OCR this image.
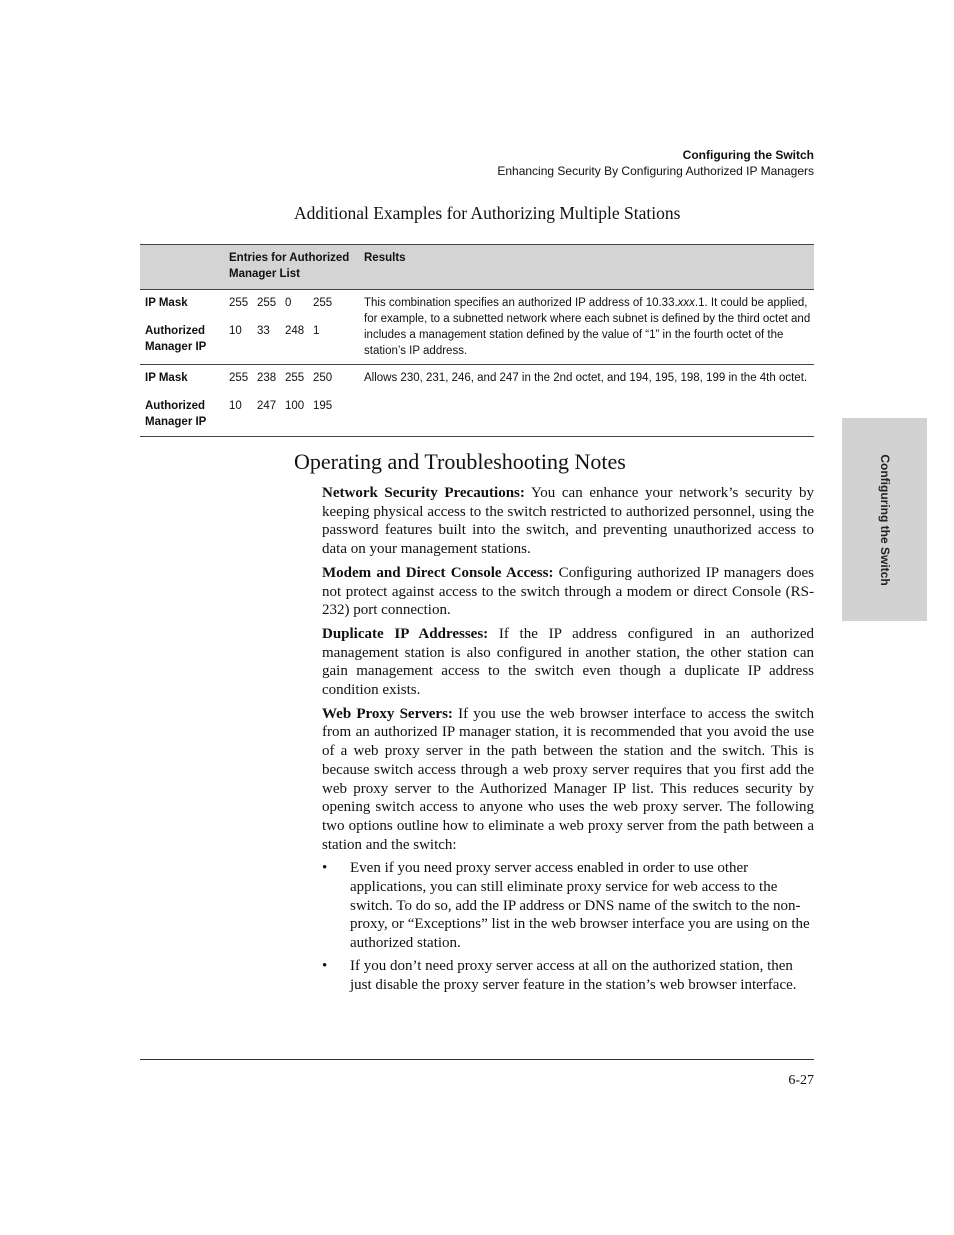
Configuring the Switch
Enhancing Security By Configuring Authorized IP Managers
Configuring the Switch
Additional Examples for Authorizing Multiple Stations
Entries for Authorized Manager List
Results
IP Mask	255 255 0 255
Authorized Manager IP
10 33 248 1
This combination specifies an authorized IP address of 10.33.xxx.1. It could be applied, for example, to a subnetted network where each subnet is defined by the third octet and includes a management station defined by the value of “1” in the fourth octet of the station’s IP address.
IP Mask	255 238 255 250
Authorized Manager IP
10 247 100 195
Allows 230, 231, 246, and 247 in the 2nd octet, and 194, 195, 198, 199 in the 4th octet.
Operating and Troubleshooting Notes

Network Security Precautions: You can enhance your network’s security by keeping physical access to the switch restricted to authorized personnel, using the password features built into the switch, and preventing unauthorized access to data on your management stations.

Modem and Direct Console Access: Configuring authorized IP managers does not protect against access to the switch through a modem or direct Console (RS-232) port connection.

Duplicate IP Addresses: If the IP address configured in an authorized management station is also configured in another station, the other station can gain management access to the switch even though a duplicate IP address condition exists.

Web Proxy Servers: If you use the web browser interface to access the switch from an authorized IP manager station, it is recommended that you avoid the use of a web proxy server in the path between the station and the switch. This is because switch access through a web proxy server requires that you first add the web proxy server to the Authorized Manager IP list. This reduces security by opening switch access to anyone who uses the web proxy server. The following two options outline how to eliminate a web proxy server from the path between a station and the switch:

• Even if you need proxy server access enabled in order to use other applications, you can still eliminate proxy service for web access to the switch. To do so, add the IP address or DNS name of the switch to the non-proxy, or “Exceptions” list in the web browser interface you are using on the authorized station.
• If you don’t need proxy server access at all on the authorized station, then just disable the proxy server feature in the station’s web browser interface.
6-27
